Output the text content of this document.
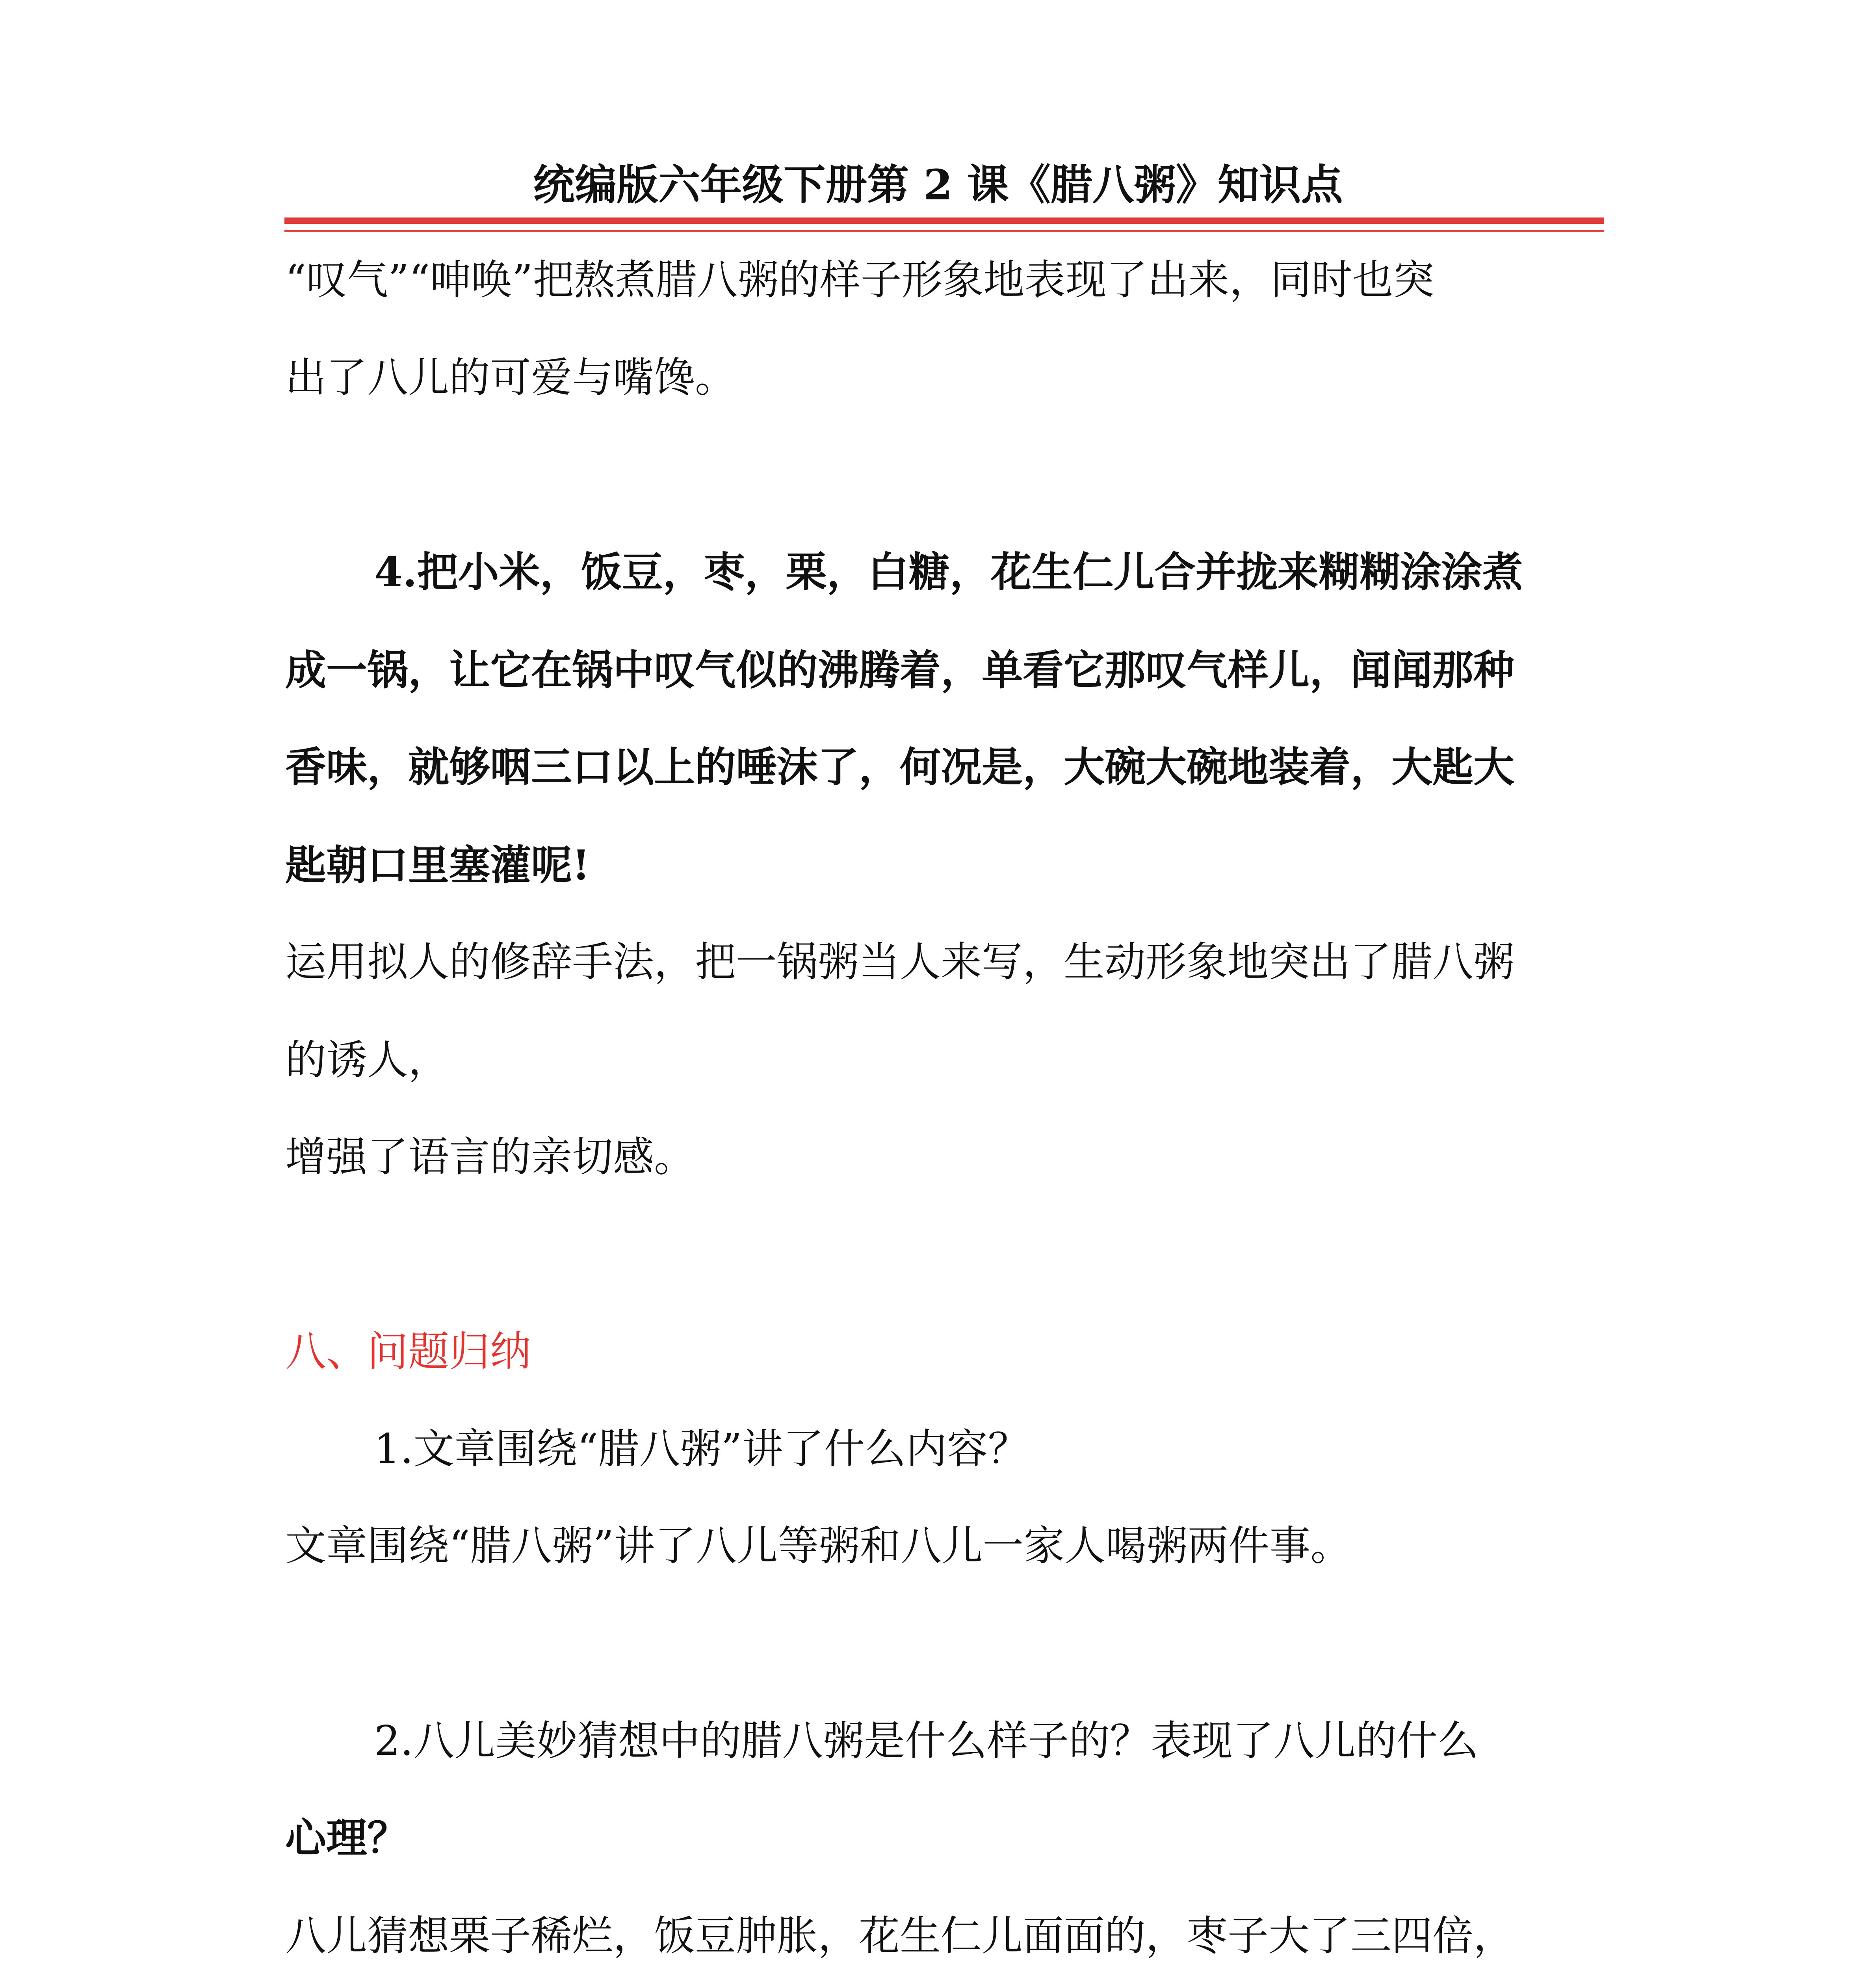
统编版六年级下册第 2 课《腊八粥》知识点
“叹气”“呻唤”把熬煮腊八粥的样子形象地表现了出来，同时也突
出了八儿的可爱与嘴馋。
4.把小米，饭豆，枣，栗，白糖，花生仁儿合并拢来糊糊涂涂煮
成一锅，让它在锅中叹气似的沸腾着，单看它那叹气样儿，闻闻那种
香味，就够咽三口以上的唾沫了，何况是，大碗大碗地装着，大匙大
匙朝口里塞灌呢!
运用拟人的修辞手法，把一锅粥当人来写，生动形象地突出了腊八粥
的诱人，
增强了语言的亲切感。
八、问题归纳
1.文章围绕“腊八粥”讲了什么内容？
文章围绕“腊八粥”讲了八儿等粥和八儿一家人喝粥两件事。
2.八儿美妙猜想中的腊八粥是什么样子的？表现了八儿的什么
心理？
八儿猜想栗子稀烂，饭豆肿胀，花生仁儿面面的，枣子大了三四倍，
